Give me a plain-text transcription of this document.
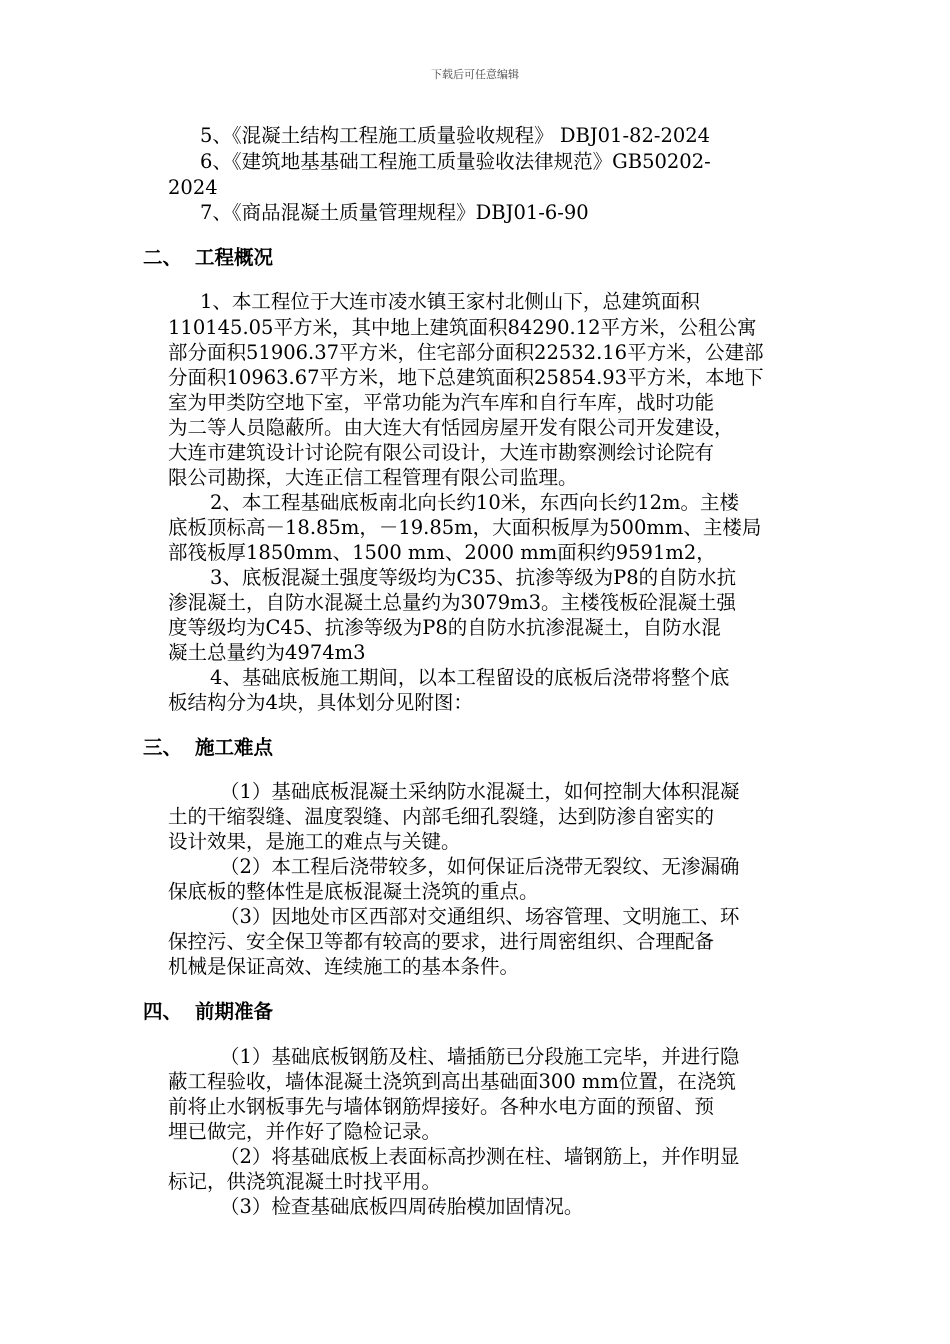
下载后可任意编辑
5、《混凝土结构工程施工质量验收规程》 DBJ01-82-2024
6、《建筑地基基础工程施工质量验收法律规范》GB50202-
2024
7、《商品混凝土质量管理规程》DBJ01-6-90
二、 工程概况
1、本工程位于大连市凌水镇王家村北侧山下，总建筑面积
110145.05平方米，其中地上建筑面积84290.12平方米，公租公寓
部分面积51906.37平方米，住宅部分面积22532.16平方米，公建部
分面积10963.67平方米，地下总建筑面积25854.93平方米，本地下
室为甲类防空地下室，平常功能为汽车库和自行车库，战时功能
为二等人员隐蔽所。由大连大有恬园房屋开发有限公司开发建设，
大连市建筑设计讨论院有限公司设计，大连市勘察测绘讨论院有
限公司勘探，大连正信工程管理有限公司监理。
2、本工程基础底板南北向长约10米，东西向长约12m。主楼
底板顶标高－18.85m，－19.85m，大面积板厚为500mm、主楼局
部筏板厚1850mm、1500 mm、2000 mm面积约9591m2，
3、底板混凝土强度等级均为C35、抗渗等级为P8的自防水抗
渗混凝土，自防水混凝土总量约为3079m3。主楼筏板砼混凝土强
度等级均为C45、抗渗等级为P8的自防水抗渗混凝土，自防水混
凝土总量约为4974m3
4、基础底板施工期间，以本工程留设的底板后浇带将整个底
板结构分为4块，具体划分见附图：
三、 施工难点
（1）基础底板混凝土采纳防水混凝土，如何控制大体积混凝
土的干缩裂缝、温度裂缝、内部毛细孔裂缝，达到防渗自密实的
设计效果，是施工的难点与关键。
（2）本工程后浇带较多，如何保证后浇带无裂纹、无渗漏确
保底板的整体性是底板混凝土浇筑的重点。
（3）因地处市区西部对交通组织、场容管理、文明施工、环
保控污、安全保卫等都有较高的要求，进行周密组织、合理配备
机械是保证高效、连续施工的基本条件。
四、 前期准备
（1）基础底板钢筋及柱、墙插筋已分段施工完毕，并进行隐
蔽工程验收，墙体混凝土浇筑到高出基础面300 mm位置，在浇筑
前将止水钢板事先与墙体钢筋焊接好。各种水电方面的预留、预
埋已做完，并作好了隐检记录。
（2）将基础底板上表面标高抄测在柱、墙钢筋上，并作明显
标记，供浇筑混凝土时找平用。
（3）检查基础底板四周砖胎模加固情况。
